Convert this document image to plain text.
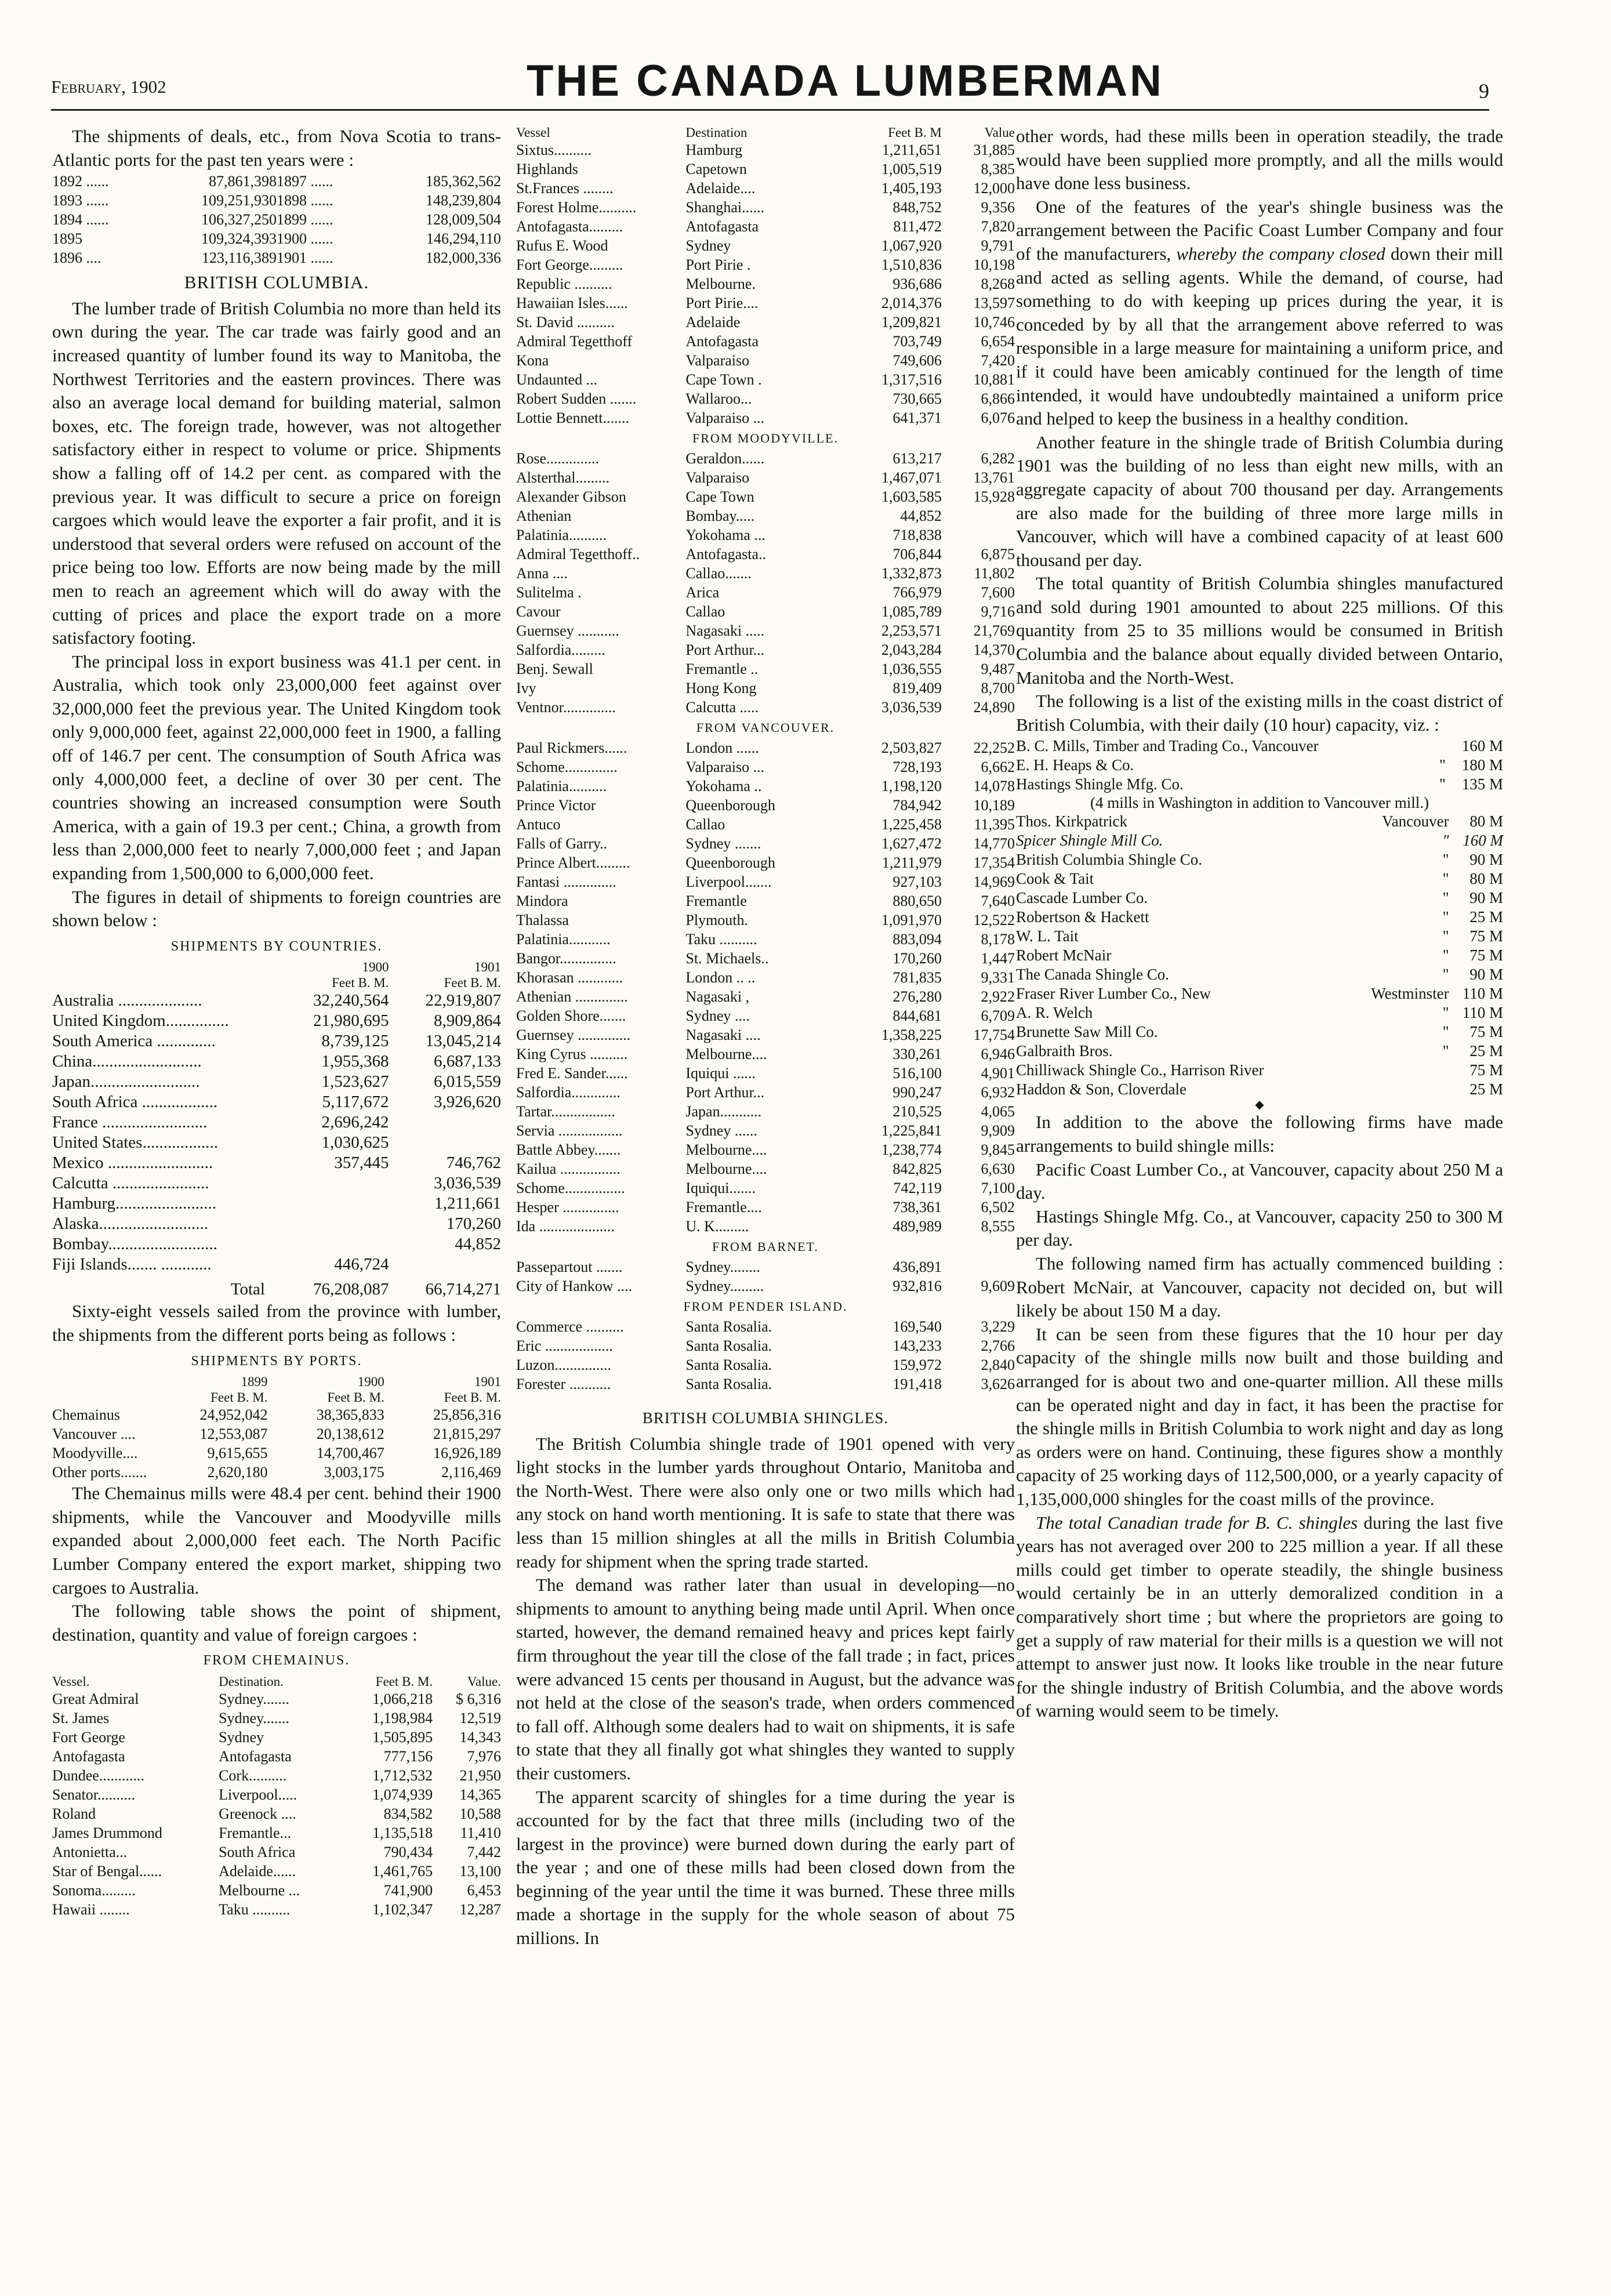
February, 1902	THE CANADA LUMBERMAN	9

The shipments of deals, etc., from Nova Scotia to trans-Atlantic ports for the past ten years were :

1892 ......	87,861,398	1897 ......	185,362,562
1893 ......	109,251,930	1898 ......	148,239,804
1894 ......	106,327,250	1899 ......	128,009,504
1895	109,324,393	1900 ......	146,294,110
1896 ....	123,116,389	1901 ......	182,000,336
BRITISH COLUMBIA.

The lumber trade of British Columbia no more than held its own during the year. The car trade was fairly good and an increased quantity of lumber found its way to Manitoba, the Northwest Territories and the eastern provinces. There was also an average local demand for building material, salmon boxes, etc. The foreign trade, however, was not altogether satisfactory either in respect to volume or price. Shipments show a falling off of 14.2 per cent. as compared with the previous year. It was difficult to secure a price on foreign cargoes which would leave the exporter a fair profit, and it is understood that several orders were refused on account of the price being too low. Efforts are now being made by the mill men to reach an agreement which will do away with the cutting of prices and place the export trade on a more satisfactory footing.

The principal loss in export business was 41.1 per cent. in Australia, which took only 23,000,000 feet against over 32,000,000 feet the previous year. The United Kingdom took only 9,000,000 feet, against 22,000,000 feet in 1900, a falling off of 146.7 per cent. The consumption of South Africa was only 4,000,000 feet, a decline of over 30 per cent. The countries showing an increased consumption were South America, with a gain of 19.3 per cent.; China, a growth from less than 2,000,000 feet to nearly 7,000,000 feet ; and Japan expanding from 1,500,000 to 6,000,000 feet.

The figures in detail of shipments to foreign countries are shown below :

SHIPMENTS BY COUNTRIES.
	1900
Feet B. M.	1901
Feet B. M.
Australia ....................	32,240,564	22,919,807
United Kingdom...............	21,980,695	8,909,864
South America ..............	8,739,125	13,045,214
China..........................	1,955,368	6,687,133
Japan..........................	1,523,627	6,015,559
South Africa ..................	5,117,672	3,926,620
France .........................	2,696,242	
United States..................	1,030,625	
Mexico .........................	357,445	746,762
Calcutta .......................		3,036,539
Hamburg........................		1,211,661
Alaska..........................		170,260
Bombay..........................		44,852
Fiji Islands....... ............	446,724	
Total	76,208,087	66,714,271

Sixty-eight vessels sailed from the province with lumber, the shipments from the different ports being as follows :

SHIPMENTS BY PORTS.
	1899
Feet B. M.	1900
Feet B. M.	1901
Feet B. M.
Chemainus	24,952,042	38,365,833	25,856,316
Vancouver ....	12,553,087	20,138,612	21,815,297
Moodyville....	9,615,655	14,700,467	16,926,189
Other ports.......	2,620,180	3,003,175	2,116,469

The Chemainus mills were 48.4 per cent. behind their 1900 shipments, while the Vancouver and Moodyville mills expanded about 2,000,000 feet each. The North Pacific Lumber Company entered the export market, shipping two cargoes to Australia.

The following table shows the point of shipment, destination, quantity and value of foreign cargoes :

FROM CHEMAINUS.
Vessel.	Destination.	Feet B. M.	Value.
Great Admiral	Sydney.......	1,066,218	$ 6,316
St. James	Sydney.......	1,198,984	12,519
Fort George	Sydney	1,505,895	14,343
Antofagasta	Antofagasta	777,156	7,976
Dundee............	Cork..........	1,712,532	21,950
Senator..........	Liverpool.....	1,074,939	14,365
Roland	Greenock ....	834,582	10,588
James Drummond	Fremantle...	1,135,518	11,410
Antonietta...	South Africa	790,434	7,442
Star of Bengal......	Adelaide......	1,461,765	13,100
Sonoma.........	Melbourne ...	741,900	6,453
Hawaii ........	Taku ..........	1,102,347	12,287
Vessel	Destination	Feet B. M	Value
Sixtus..........	Hamburg	1,211,651	31,885
Highlands	Capetown	1,005,519	8,385
St.Frances ........	Adelaide....	1,405,193	12,000
Forest Holme..........	Shanghai......	848,752	9,356
Antofagasta.........	Antofagasta	811,472	7,820
Rufus E. Wood	Sydney	1,067,920	9,791
Fort George.........	Port Pirie .	1,510,836	10,198
Republic ..........	Melbourne.	936,686	8,268
Hawaiian Isles......	Port Pirie....	2,014,376	13,597
St. David ..........	Adelaide	1,209,821	10,746
Admiral Tegetthoff	Antofagasta	703,749	6,654
Kona	Valparaiso	749,606	7,420
Undaunted ...	Cape Town .	1,317,516	10,881
Robert Sudden .......	Wallaroo...	730,665	6,866
Lottie Bennett.......	Valparaiso ...	641,371	6,076
FROM MOODYVILLE.			
Rose..............	Geraldon......	613,217	6,282
Alsterthal.........	Valparaiso	1,467,071	13,761
Alexander Gibson	Cape Town	1,603,585	15,928
Athenian	Bombay.....	44,852	
Palatinia..........	Yokohama ...	718,838	
Admiral Tegetthoff..	Antofagasta..	706,844	6,875
Anna ....	Callao.......	1,332,873	11,802
Sulitelma .	Arica	766,979	7,600
Cavour	Callao	1,085,789	9,716
Guernsey ...........	Nagasaki .....	2,253,571	21,769
Salfordia.........	Port Arthur...	2,043,284	14,370
Benj. Sewall	Fremantle ..	1,036,555	9,487
Ivy	Hong Kong	819,409	8,700
Ventnor..............	Calcutta .....	3,036,539	24,890
FROM VANCOUVER.			
Paul Rickmers......	London ......	2,503,827	22,252
Schome..............	Valparaiso ...	728,193	6,662
Palatinia..........	Yokohama ..	1,198,120	14,078
Prince Victor	Queenborough	784,942	10,189
Antuco	Callao	1,225,458	11,395
Falls of Garry..	Sydney .......	1,627,472	14,770
Prince Albert.........	Queenborough	1,211,979	17,354
Fantasi ..............	Liverpool.......	927,103	14,969
Mindora	Fremantle	880,650	7,640
Thalassa	Plymouth.	1,091,970	12,522
Palatinia...........	Taku ..........	883,094	8,178
Bangor...............	St. Michaels..	170,260	1,447
Khorasan ............	London .. ..	781,835	9,331
Athenian ..............	Nagasaki ,	276,280	2,922
Golden Shore.......	Sydney ....	844,681	6,709
Guernsey ..............	Nagasaki ....	1,358,225	17,754
King Cyrus ..........	Melbourne....	330,261	6,946
Fred E. Sander......	Iquiqui ......	516,100	4,901
Salfordia.............	Port Arthur...	990,247	6,932
Tartar.................	Japan...........	210,525	4,065
Servia .................	Sydney ......	1,225,841	9,909
Battle Abbey.......	Melbourne....	1,238,774	9,845
Kailua ................	Melbourne....	842,825	6,630
Schome................	Iquiqui.......	742,119	7,100
Hesper ...............	Fremantle....	738,361	6,502
Ida ....................	U. K.........	489,989	8,555
FROM BARNET.			
Passepartout .......	Sydney........	436,891	
City of Hankow ....	Sydney.........	932,816	9,609
FROM PENDER ISLAND.			
Commerce ..........	Santa Rosalia.	169,540	3,229
Eric ..................	Santa Rosalia.	143,233	2,766
Luzon...............	Santa Rosalia.	159,972	2,840
Forester ...........	Santa Rosalia.	191,418	3,626
BRITISH COLUMBIA SHINGLES.

The British Columbia shingle trade of 1901 opened with very light stocks in the lumber yards throughout Ontario, Manitoba and the North-West. There were also only one or two mills which had any stock on hand worth mentioning. It is safe to state that there was less than 15 million shingles at all the mills in British Columbia ready for shipment when the spring trade started.

The demand was rather later than usual in developing—no shipments to amount to anything being made until April. When once started, however, the demand remained heavy and prices kept fairly firm throughout the year till the close of the fall trade ; in fact, prices were advanced 15 cents per thousand in August, but the advance was not held at the close of the season's trade, when orders commenced to fall off. Although some dealers had to wait on shipments, it is safe to state that they all finally got what shingles they wanted to supply their customers.

The apparent scarcity of shingles for a time during the year is accounted for by the fact that three mills (including two of the largest in the province) were burned down during the early part of the year ; and one of these mills had been closed down from the beginning of the year until the time it was burned. These three mills made a shortage in the supply for the whole season of about 75 millions. In

other words, had these mills been in operation steadily, the trade would have been supplied more promptly, and all the mills would have done less business.

One of the features of the year's shingle business was the arrangement between the Pacific Coast Lumber Company and four of the manufacturers, whereby the company closed down their mill and acted as selling agents. While the demand, of course, had something to do with keeping up prices during the year, it is conceded by by all that the arrangement above referred to was responsible in a large measure for maintaining a uniform price, and if it could have been amicably continued for the length of time intended, it would have undoubtedly maintained a uniform price and helped to keep the business in a healthy condition.

Another feature in the shingle trade of British Columbia during 1901 was the building of no less than eight new mills, with an aggregate capacity of about 700 thousand per day. Arrangements are also made for the building of three more large mills in Vancouver, which will have a combined capacity of at least 600 thousand per day.

The total quantity of British Columbia shingles manufactured and sold during 1901 amounted to about 225 millions. Of this quantity from 25 to 35 millions would be consumed in British Columbia and the balance about equally divided between Ontario, Manitoba and the North-West.

The following is a list of the existing mills in the coast district of British Columbia, with their daily (10 hour) capacity, viz. :

B. C. Mills, Timber and Trading Co., Vancouver		160 M
E. H. Heaps & Co.	"	180 M
Hastings Shingle Mfg. Co.	"	135 M
(4 mills in Washington in addition to Vancouver mill.)
Thos. Kirkpatrick	Vancouver	80 M
Spicer Shingle Mill Co.	"	160 M
British Columbia Shingle Co.	"	90 M
Cook & Tait	"	80 M
Cascade Lumber Co.	"	90 M
Robertson & Hackett	"	25 M
W. L. Tait	"	75 M
Robert McNair	"	75 M
The Canada Shingle Co.	"	90 M
Fraser River Lumber Co., New	Westminster	110 M
A. R. Welch	"	110 M
Brunette Saw Mill Co.	"	75 M
Galbraith Bros.	"	25 M
Chilliwack Shingle Co., Harrison River		75 M
Haddon & Son, Cloverdale		25 M
◆

In addition to the above the following firms have made arrangements to build shingle mills:

Pacific Coast Lumber Co., at Vancouver, capacity about 250 M a day.

Hastings Shingle Mfg. Co., at Vancouver, capacity 250 to 300 M per day.

The following named firm has actually commenced building : Robert McNair, at Vancouver, capacity not decided on, but will likely be about 150 M a day.

It can be seen from these figures that the 10 hour per day capacity of the shingle mills now built and those building and arranged for is about two and one-quarter million. All these mills can be operated night and day in fact, it has been the practise for the shingle mills in British Columbia to work night and day as long as orders were on hand. Continuing, these figures show a monthly capacity of 25 working days of 112,500,000, or a yearly capacity of 1,135,000,000 shingles for the coast mills of the province.

The total Canadian trade for B. C. shingles during the last five years has not averaged over 200 to 225 million a year. If all these mills could get timber to operate steadily, the shingle business would certainly be in an utterly demoralized condition in a comparatively short time ; but where the proprietors are going to get a supply of raw material for their mills is a question we will not attempt to answer just now. It looks like trouble in the near future for the shingle industry of British Columbia, and the above words of warning would seem to be timely.
